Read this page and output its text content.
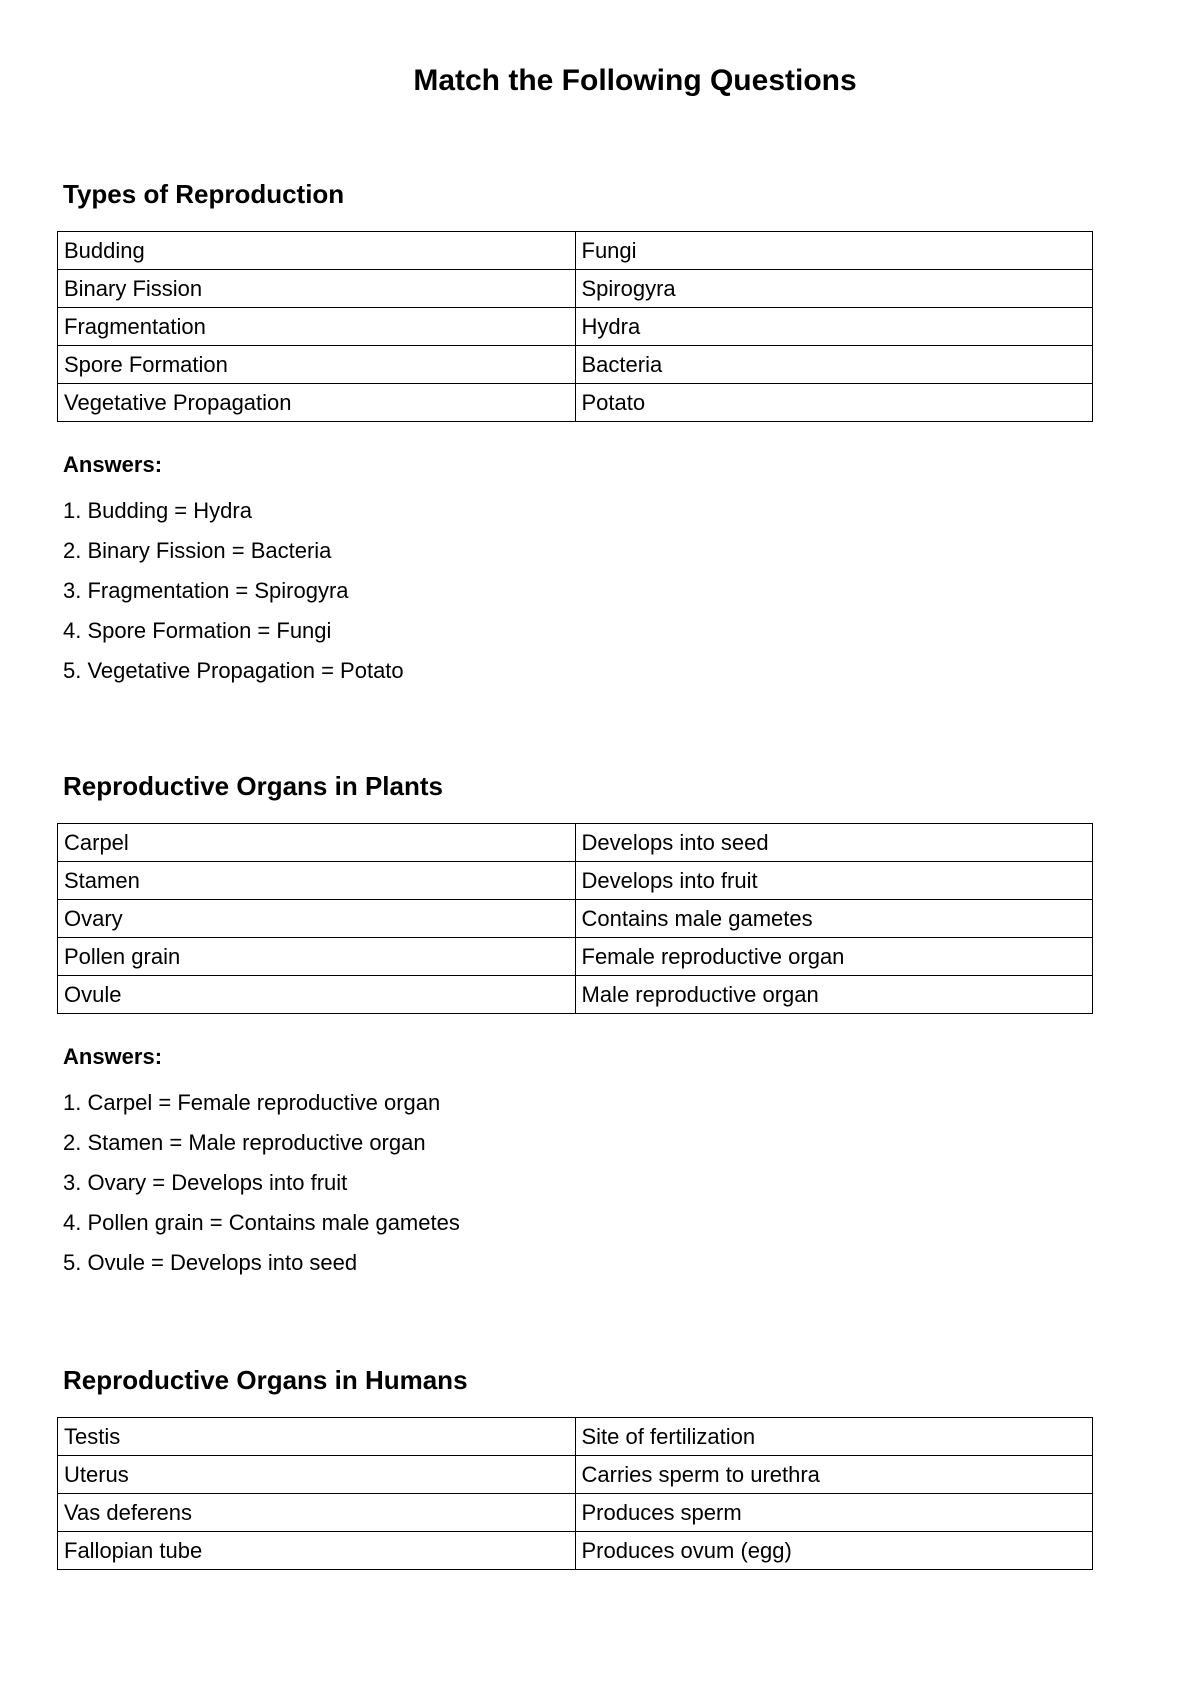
Match the Following Questions
Types of Reproduction
Budding	Fungi
Binary Fission	Spirogyra
Fragmentation	Hydra
Spore Formation	Bacteria
Vegetative Propagation	Potato
Answers:
1. Budding = Hydra
2. Binary Fission = Bacteria
3. Fragmentation = Spirogyra
4. Spore Formation = Fungi
5. Vegetative Propagation = Potato
Reproductive Organs in Plants
Carpel	Develops into seed
Stamen	Develops into fruit
Ovary	Contains male gametes
Pollen grain	Female reproductive organ
Ovule	Male reproductive organ
Answers:
1. Carpel = Female reproductive organ
2. Stamen = Male reproductive organ
3. Ovary = Develops into fruit
4. Pollen grain = Contains male gametes
5. Ovule = Develops into seed
Reproductive Organs in Humans
Testis	Site of fertilization
Uterus	Carries sperm to urethra
Vas deferens	Produces sperm
Fallopian tube	Produces ovum (egg)
